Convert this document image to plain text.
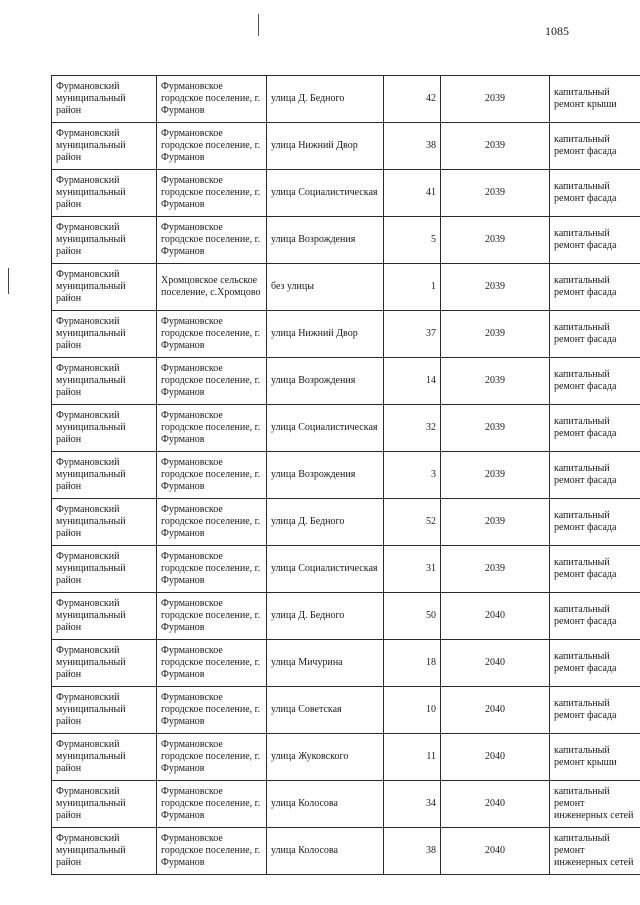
1085
Фурмановский муниципальный район	Фурмановское городское поселение, г. Фурманов	улица Д. Бедного	42	2039	капитальный ремонт крыши

Фурмановский муниципальный район	Фурмановское городское поселение, г. Фурманов	улица Нижний Двор	38	2039	капитальный ремонт фасада

Фурмановский муниципальный район	Фурмановское городское поселение, г. Фурманов	улица Социалистическая	41	2039	капитальный ремонт фасада

Фурмановский муниципальный район	Фурмановское городское поселение, г. Фурманов	улица Возрождения	5	2039	капитальный ремонт фасада

Фурмановский муниципальный район	Хромцовское сельское поселение, с.Хромцово	без улицы	1	2039	капитальный ремонт фасада

Фурмановский муниципальный район	Фурмановское городское поселение, г. Фурманов	улица Нижний Двор	37	2039	капитальный ремонт фасада

Фурмановский муниципальный район	Фурмановское городское поселение, г. Фурманов	улица Возрождения	14	2039	капитальный ремонт фасада

Фурмановский муниципальный район	Фурмановское городское поселение, г. Фурманов	улица Социалистическая	32	2039	капитальный ремонт фасада

Фурмановский муниципальный район	Фурмановское городское поселение, г. Фурманов	улица Возрождения	3	2039	капитальный ремонт фасада

Фурмановский муниципальный район	Фурмановское городское поселение, г. Фурманов	улица Д. Бедного	52	2039	капитальный ремонт фасада

Фурмановский муниципальный район	Фурмановское городское поселение, г. Фурманов	улица Социалистическая	31	2039	капитальный ремонт фасада

Фурмановский муниципальный район	Фурмановское городское поселение, г. Фурманов	улица Д. Бедного	50	2040	капитальный ремонт фасада

Фурмановский муниципальный район	Фурмановское городское поселение, г. Фурманов	улица Мичурина	18	2040	капитальный ремонт фасада

Фурмановский муниципальный район	Фурмановское городское поселение, г. Фурманов	улица Советская	10	2040	капитальный ремонт фасада

Фурмановский муниципальный район	Фурмановское городское поселение, г. Фурманов	улица Жуковского	11	2040	капитальный ремонт крыши

Фурмановский муниципальный район	Фурмановское городское поселение, г. Фурманов	улица Колосова	34	2040	капитальный ремонт инженерных сетей

Фурмановский муниципальный район	Фурмановское городское поселение, г. Фурманов	улица Колосова	38	2040	капитальный ремонт инженерных сетей
